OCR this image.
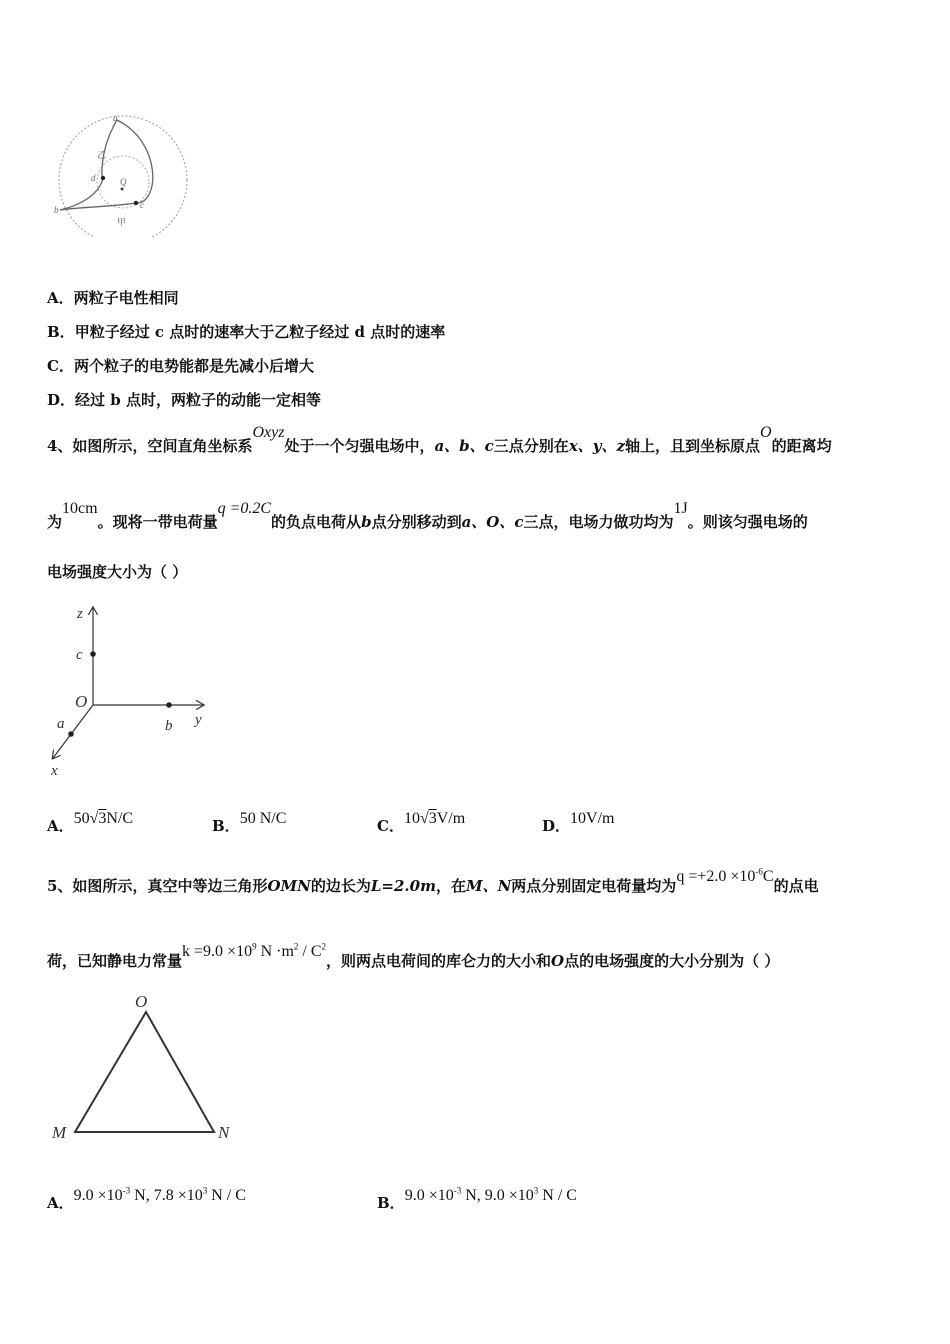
a
b	c
d	Q
乙
甲
A．两粒子电性相同
B．甲粒子经过 c 点时的速率大于乙粒子经过 d 点时的速率
C．两个粒子的电势能都是先减小后增大
D．经过 b 点时，两粒子的动能一定相等
4、如图所示，空间直角坐标系Oxyz处于一个匀强电场中，a、b、c三点分别在x、y、z轴上，且到坐标原点O的距离均
为10cm。现将一带电荷量q =0.2C的负点电荷从b点分别移动到a、O、c三点，电场力做功均为1J。则该匀强电场的
电场强度大小为（ ）
z
c
O
a	b y
x
A．50√3N/C	B．50 N/C	C．10√3V/m	D．10V/m
5、如图所示，真空中等边三角形OMN的边长为L=2.0m，在M、N两点分别固定电荷量均为$q =+2.0 \times 10^{-6}C$的点电
荷，已知静电力常量$k =9.0 \times 10^9$ $N \cdot m^2 / C^2$，则两点电荷间的库仑力的大小和O点的电场强度的大小分别为（ ）
O
M	N
A．$9.0 \times 10^{-3}$ N, $7.8 \times 10^3$ N / C	B．$9.0 \times 10^{-3}$ N, $9.0 \times 10^3$ N / C
